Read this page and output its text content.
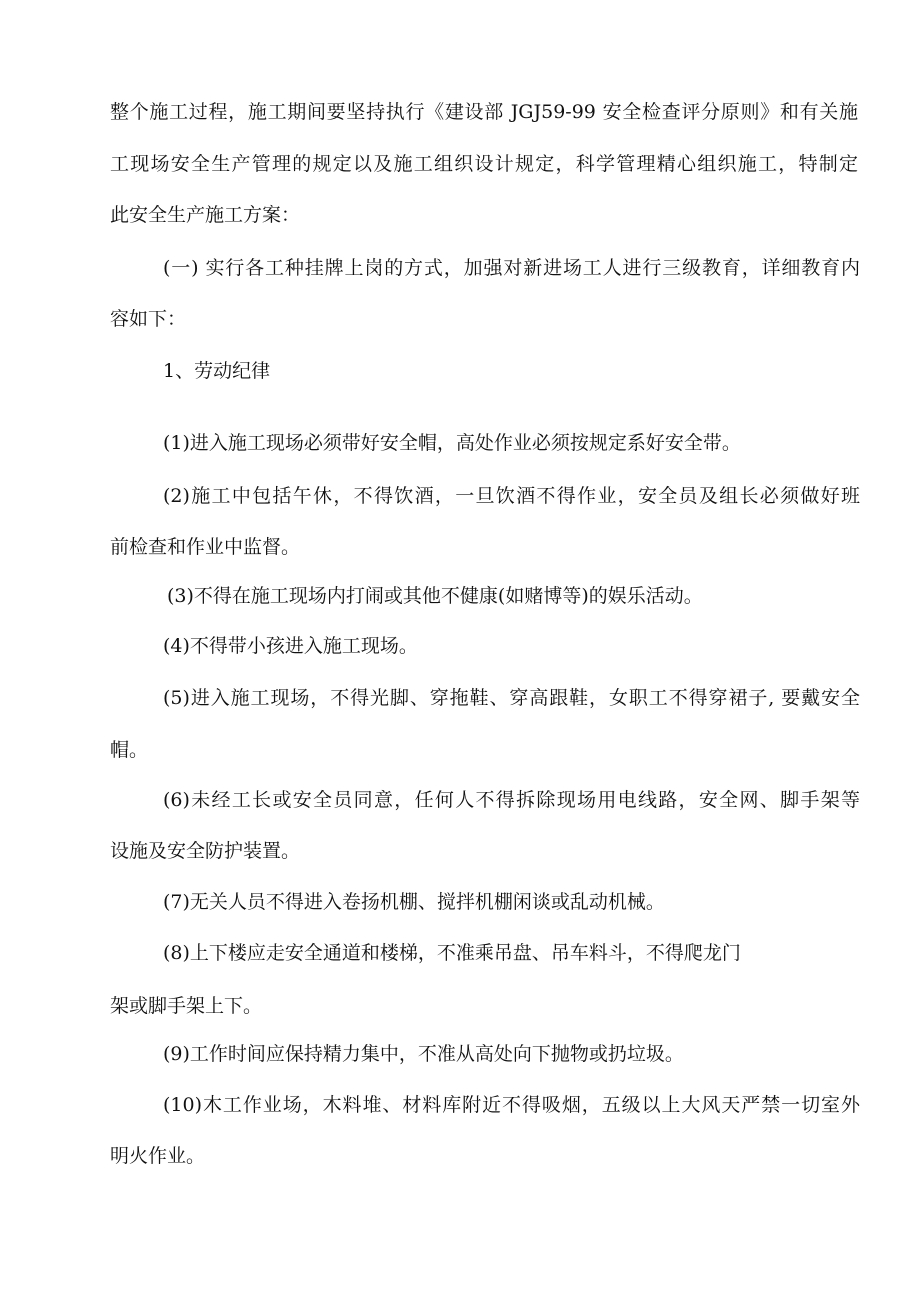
整个施工过程，施工期间要坚持执行《建设部 JGJ59-99 安全检查评分原则》和有关施

工现场安全生产管理的规定以及施工组织设计规定，科学管理精心组织施工，特制定

此安全生产施工方案：

(一) 实行各工种挂牌上岗的方式，加强对新进场工人进行三级教育，详细教育内

容如下：

1、劳动纪律

(1)进入施工现场必须带好安全帽，高处作业必须按规定系好安全带。

(2)施工中包括午休，不得饮酒，一旦饮酒不得作业，安全员及组长必须做好班

前检查和作业中监督。

(3)不得在施工现场内打闹或其他不健康(如赌博等)的娱乐活动。

(4)不得带小孩进入施工现场。

(5)进入施工现场，不得光脚、穿拖鞋、穿高跟鞋，女职工不得穿裙子, 要戴安全

帽。

(6)未经工长或安全员同意，任何人不得拆除现场用电线路，安全网、脚手架等

设施及安全防护装置。

(7)无关人员不得进入卷扬机棚、搅拌机棚闲谈或乱动机械。

(8)上下楼应走安全通道和楼梯，不准乘吊盘、吊车料斗，不得爬龙门

架或脚手架上下。

(9)工作时间应保持精力集中，不准从高处向下抛物或扔垃圾。

(10)木工作业场，木料堆、材料库附近不得吸烟，五级以上大风天严禁一切室外

明火作业。
